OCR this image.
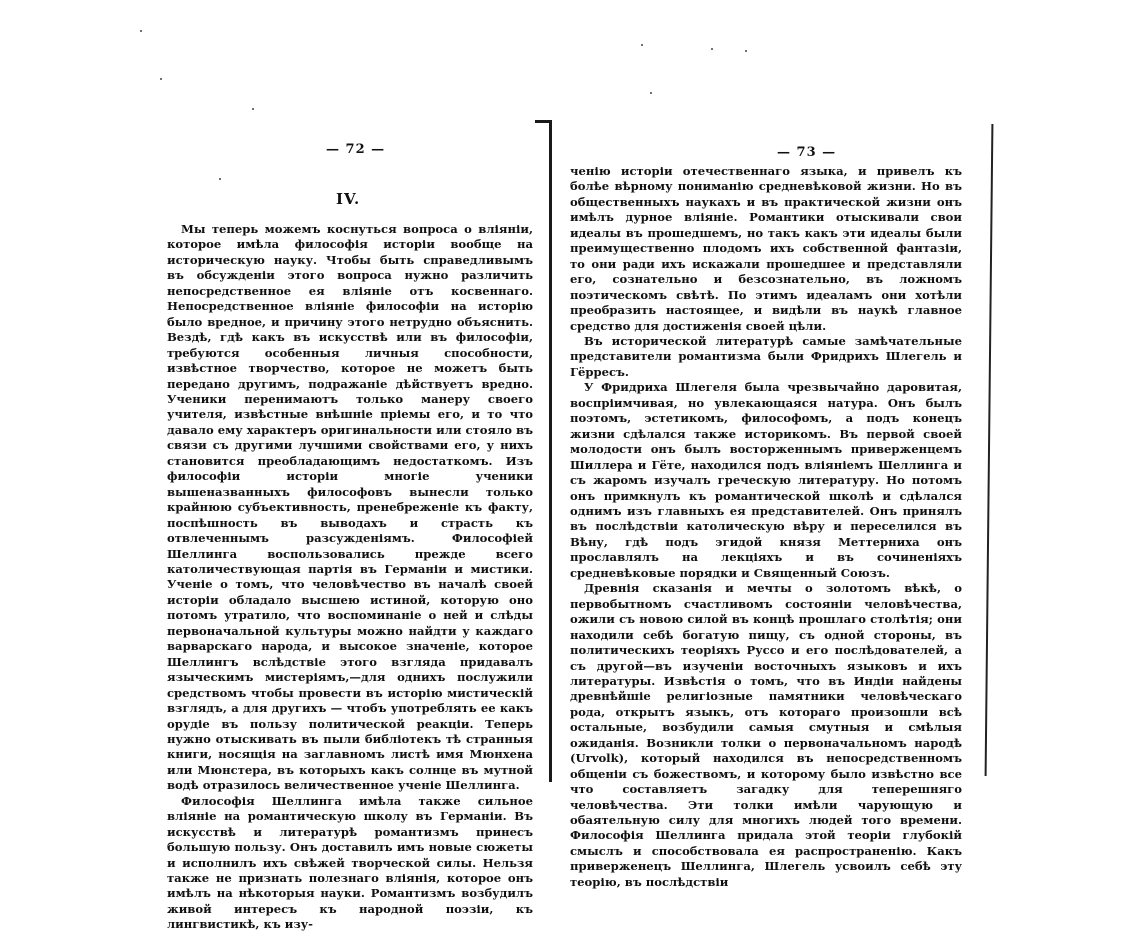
— 72 —
IV.

Мы теперь можемъ коснуться вопроса о вліяніи, которое имѣла философія исторіи вообще на историческую науку. Чтобы быть справедливымъ въ обсужденіи этого вопроса нужно различить непосредственное ея вліяніе отъ косвеннаго. Непосредственное вліяніе философіи на исторію было вредное, и причину этого нетрудно объяснить. Вездѣ, гдѣ какъ въ искусствѣ или въ философіи, требуются особенныя личныя способности, извѣстное творчество, которое не можетъ быть передано другимъ, подражаніе дѣйствуетъ вредно. Ученики перенимаютъ только манеру своего учителя, извѣстные внѣшніе пріемы его, и то что давало ему характеръ оригинальности или стояло въ связи съ другими лучшими свойствами его, у нихъ становится преобладающимъ недостаткомъ. Изъ философіи исторіи многіе ученики вышеназванныхъ философовъ вынесли только крайнюю субъективность, пренебреженіе къ факту, поспѣшность въ выводахъ и страсть къ отвлеченнымъ разсужденіямъ. Философіей Шеллинга воспользовались прежде всего католичествующая партія въ Германіи и мистики. Ученіе о томъ, что человѣчество въ началѣ своей исторіи обладало высшею истиной, которую оно потомъ утратило, что воспоминаніе о ней и слѣды первоначальной культуры можно найдти у каждаго варварскаго народа, и высокое значеніе, которое Шеллингъ вслѣдствіе этого взгляда придавалъ языческимъ мистеріямъ,—для однихъ послужили средствомъ чтобы провести въ исторію мистическій взглядъ, а для другихъ — чтобъ употреблять ее какъ орудіе въ пользу политической реакціи. Теперь нужно отыскивать въ пыли библіотекъ тѣ странныя книги, носящія на заглавномъ листѣ имя Мюнхена или Мюнстера, въ которыхъ какъ солнце въ мутной водѣ отразилось величественное ученіе Шеллинга.

Философія Шеллинга имѣла также сильное вліяніе на романтическую школу въ Германіи. Въ искусствѣ и литературѣ романтизмъ принесъ большую пользу. Онъ доставилъ имъ новые сюжеты и исполнилъ ихъ свѣжей творческой силы. Нельзя также не признать полезнаго вліянія, которое онъ имѣлъ на нѣкоторыя науки. Романтизмъ возбудилъ живой интересъ къ народной поэзіи, къ лингвистикѣ, къ изу-

— 73 —

ченію исторіи отечественнаго языка, и привелъ къ болѣе вѣрному пониманію средневѣковой жизни. Но въ общественныхъ наукахъ и въ практической жизни онъ имѣлъ дурное вліяніе. Романтики отыскивали свои идеалы въ прошедшемъ, но такъ какъ эти идеалы были преимущественно плодомъ ихъ собственной фантазіи, то они ради ихъ искажали прошедшее и представляли его, сознательно и безсознательно, въ ложномъ поэтическомъ свѣтѣ. По этимъ идеаламъ они хотѣли преобразить настоящее, и видѣли въ наукѣ главное средство для достиженія своей цѣли.

Въ исторической литературѣ самые замѣчательные представители романтизма были Фридрихъ Шлегель и Гёрресъ.

У Фридриха Шлегеля была чрезвычайно даровитая, воспріимчивая, но увлекающаяся натура. Онъ былъ поэтомъ, эстетикомъ, философомъ, а подъ конецъ жизни сдѣлался также историкомъ. Въ первой своей молодости онъ былъ восторженнымъ приверженцемъ Шиллера и Гёте, находился подъ вліяніемъ Шеллинга и съ жаромъ изучалъ греческую литературу. Но потомъ онъ примкнулъ къ романтической школѣ и сдѣлался однимъ изъ главныхъ ея представителей. Онъ принялъ въ послѣдствіи католическую вѣру и переселился въ Вѣну, гдѣ подъ эгидой князя Меттерниха онъ прославлялъ на лекціяхъ и въ сочиненіяхъ средневѣковые порядки и Священный Союзъ.

Древнія сказанія и мечты о золотомъ вѣкѣ, о первобытномъ счастливомъ состояніи человѣчества, ожили съ новою силой въ концѣ прошлаго столѣтія; они находили себѣ богатую пищу, съ одной стороны, въ политическихъ теоріяхъ Руссо и его послѣдователей, а съ другой—въ изученіи восточныхъ языковъ и ихъ литературы. Извѣстія о томъ, что въ Индіи найдены древнѣйшіе религіозные памятники человѣческаго рода, открытъ языкъ, отъ котораго произошли всѣ остальные, возбудили самыя смутныя и смѣлыя ожиданія. Возникли толки о первоначальномъ народѣ (Urvolk), который находился въ непосредственномъ общеніи съ божествомъ, и которому было извѣстно все что составляетъ загадку для теперешняго человѣчества. Эти толки имѣли чарующую и обаятельную силу для многихъ людей того времени. Философія Шеллинга придала этой теоріи глубокій смыслъ и способствовала ея распространенію. Какъ приверженецъ Шеллинга, Шлегель усвоилъ себѣ эту теорію, въ послѣдствіи
